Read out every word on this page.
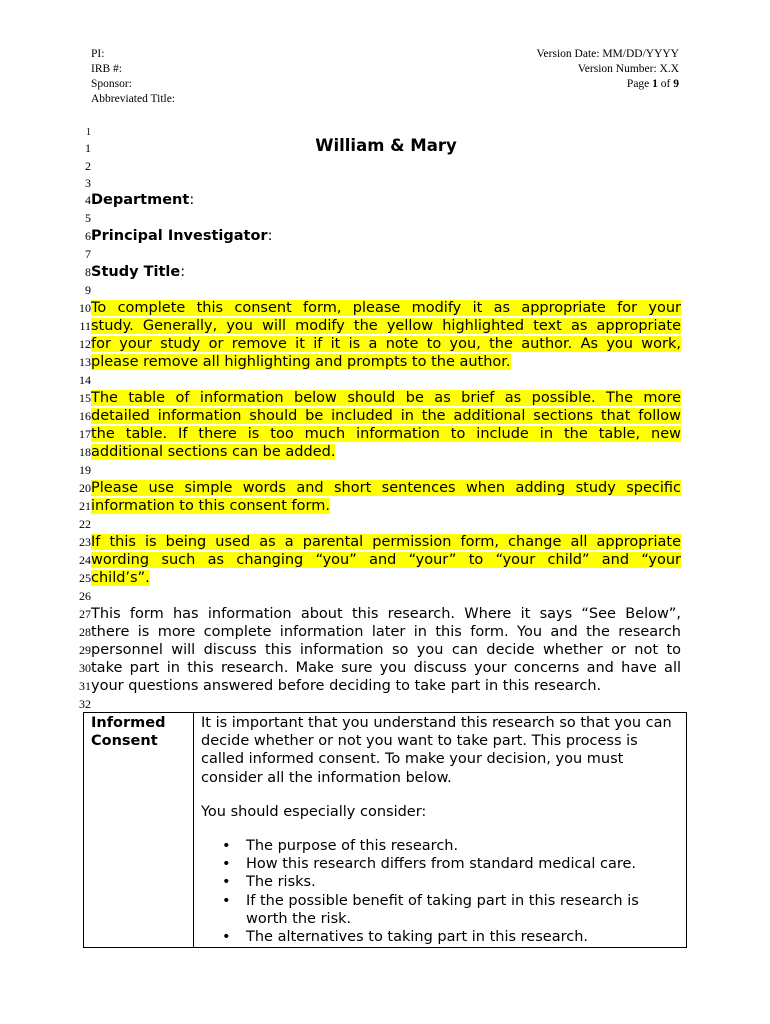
PI:
IRB #:
Sponsor:
Abbreviated Title:
Version Date: MM/DD/YYYY
Version Number: X.X
Page 1 of 9
1
1
2
3
4
5
6
7
8
9
10
11
12
13
14
15
16
17
18
19
20
21
22
23
24
25
26
27
28
29
30
31
32
William & Mary
Department:
Principal Investigator:
Study Title:
To complete this consent form, please modify it as appropriate for your
study. Generally, you will modify the yellow highlighted text as appropriate
for your study or remove it if it is a note to you, the author. As you work,
please remove all highlighting and prompts to the author.
The table of information below should be as brief as possible. The more
detailed information should be included in the additional sections that follow
the table. If there is too much information to include in the table, new
additional sections can be added.
Please use simple words and short sentences when adding study specific
information to this consent form.
If this is being used as a parental permission form, change all appropriate
wording such as changing “you” and “your” to “your child” and “your
child’s”.
This form has information about this research. Where it says “See Below”,
there is more complete information later in this form. You and the research
personnel will discuss this information so you can decide whether or not to
take part in this research. Make sure you discuss your concerns and have all
your questions answered before deciding to take part in this research.
Informed
Consent

It is important that you understand this research so that you can decide whether or not you want to take part. This process is called informed consent. To make your decision, you must consider all the information below.

You should especially consider:

• The purpose of this research.
• How this research differs from standard medical care.
• The risks.
• If the possible benefit of taking part in this research is worth the risk.
• The alternatives to taking part in this research.
